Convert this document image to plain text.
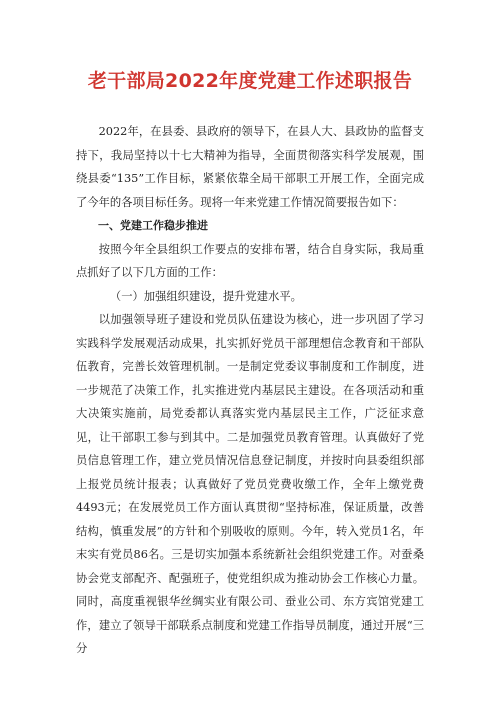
老干部局2022年度党建工作述职报告

2022年，在县委、县政府的领导下，在县人大、县政协的监督支持下，我局坚持以十七大精神为指导，全面贯彻落实科学发展观，围绕县委“135”工作目标，紧紧依靠全局干部职工开展工作，全面完成了今年的各项目标任务。现将一年来党建工作情况简要报告如下：

一、党建工作稳步推进

按照今年全县组织工作要点的安排布署，结合自身实际，我局重点抓好了以下几方面的工作：

（一）加强组织建设，提升党建水平。

以加强领导班子建设和党员队伍建设为核心，进一步巩固了学习实践科学发展观活动成果，扎实抓好党员干部理想信念教育和干部队伍教育，完善长效管理机制。一是制定党委议事制度和工作制度，进一步规范了决策工作，扎实推进党内基层民主建设。在各项活动和重大决策实施前，局党委都认真落实党内基层民主工作，广泛征求意见，让干部职工参与到其中。二是加强党员教育管理。认真做好了党员信息管理工作，建立党员情况信息登记制度，并按时向县委组织部上报党员统计报表；认真做好了党员党费收缴工作，全年上缴党费4493元；在发展党员工作方面认真贯彻“坚持标准，保证质量，改善结构，慎重发展”的方针和个别吸收的原则。今年，转入党员1名，年末实有党员86名。三是切实加强本系统新社会组织党建工作。对蚕桑协会党支部配齐、配强班子，使党组织成为推动协会工作核心力量。同时，高度重视银华丝绸实业有限公司、蚕业公司、东方宾馆党建工作，建立了领导干部联系点制度和党建工作指导员制度，通过开展“三分
